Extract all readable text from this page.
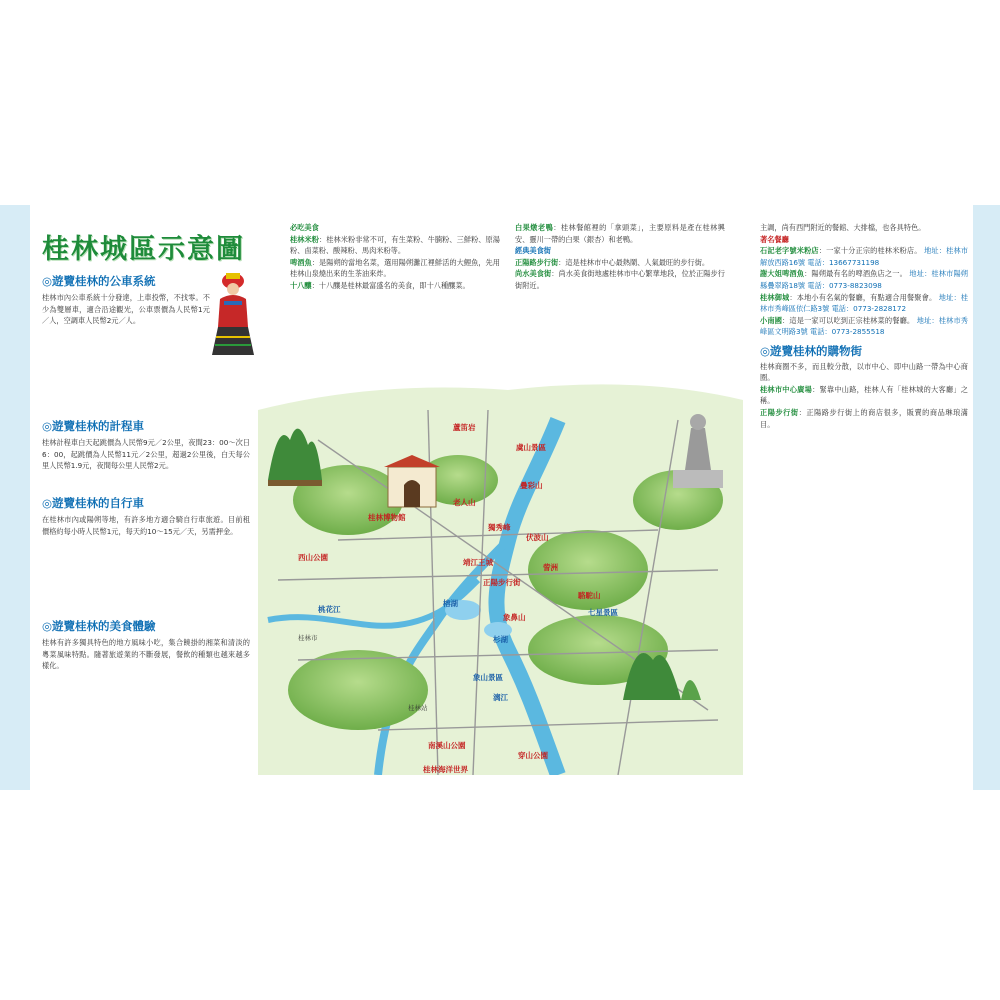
桂林城區示意圖
◎遊覽桂林的公車系統

桂林市內公車系統十分發達，上車投幣，不找零。不少為雙層車，適合沿途觀光，公車票價為人民幣1元／人，空調車人民幣2元／人。

◎遊覽桂林的計程車

桂林計程車白天起跳價為人民幣9元／2公里，夜間23：00～次日6：00，起跳價為人民幣11元／2公里，超過2公里後，白天每公里人民幣1.9元，夜間每公里人民幣2元。

◎遊覽桂林的自行車

在桂林市內或陽朔等地，有許多地方適合騎自行車旅遊。目前租價格約每小時人民幣1元，每天約10～15元／天，另需押金。

◎遊覽桂林的美食體驗

桂林有許多獨具特色的地方風味小吃，集合饒掛的湘菜和清淡的粵菜風味特點。隨著旅遊業的不斷發展，餐飲的種類也越來越多樣化。

必吃美食
桂林米粉：桂林米粉非常不可，有生菜粉、牛腩粉、三鮮粉、原湯粉、鹵菜粉、酸辣粉、馬肉米粉等。
啤酒魚：是陽朔的當地名菜，選用陽朔灘江裡鮮活的大鯉魚，先用桂林山泉燒出來的生茶油來炸。
十八釀：十八釀是桂林最富盛名的美食，即十八種釀菜。
白果燉老鴨：桂林餐館裡的「拿頭菜」，主要原料是產在桂林興安、靈川一帶的白果（銀杏）和老鴨。
經典美食街
正陽路步行街：這是桂林市中心最熱鬧、人氣最旺的步行街。
尚水美食街：尚水美食街地處桂林市中心繁華地段，位於正陽步行街附近。
虞山景區
疊彩山
伏波山
七星景區
象山景區
蘆笛岩
訾洲
榕湖
杉湖
靖江王城
正陽步行街
桂林站
桂林市
西山公園
桂林博物館
穿山公園
桂林海洋世界
南溪山公園
駱駝山
老人山
獨秀峰
象鼻山
漓江
桃花江
主調，尚有西門附近的餐館、大排檔，也各具特色。
著名餐廳
石記老字號米粉店：一家十分正宗的桂林米粉店。 地址：桂林市解放西路16號 電話：13667731198
謝大姐啤酒魚：陽朔最有名的啤酒魚店之一。 地址：桂林市陽朔縣疊翠路18號 電話：0773-8823098
桂林御城：本地小有名氣的餐廳，有點適合用餐聚會。 地址：桂林市秀峰區依仁路3號 電話：0773-2828172
小南國：這是一家可以吃到正宗桂林菜的餐廳。 地址：桂林市秀峰區文明路3號 電話：0773-2855518
◎遊覽桂林的購物街
桂林商圈不多，而且較分散，以市中心、即中山路一帶為中心商圈。
桂林市中心廣場：緊靠中山路，桂林人有「桂林城的大客廳」之稱。
正陽步行街：正陽路步行街上的商店很多，販賣的商品琳琅滿目。
